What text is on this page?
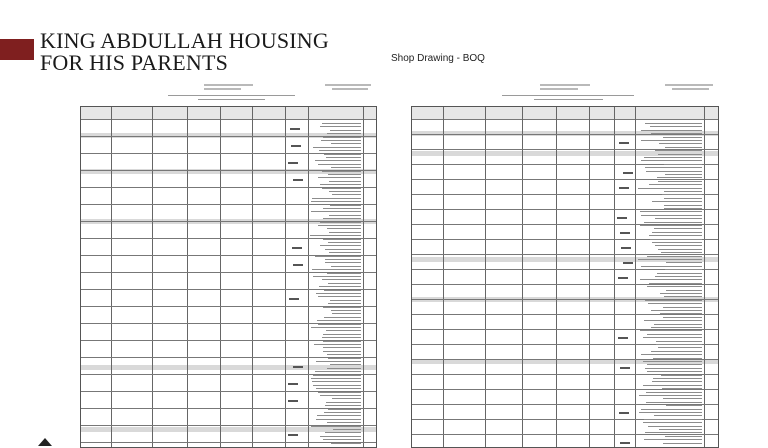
KING ABDULLAH HOUSING
FOR HIS PARENTS	Shop Drawing - BOQ
